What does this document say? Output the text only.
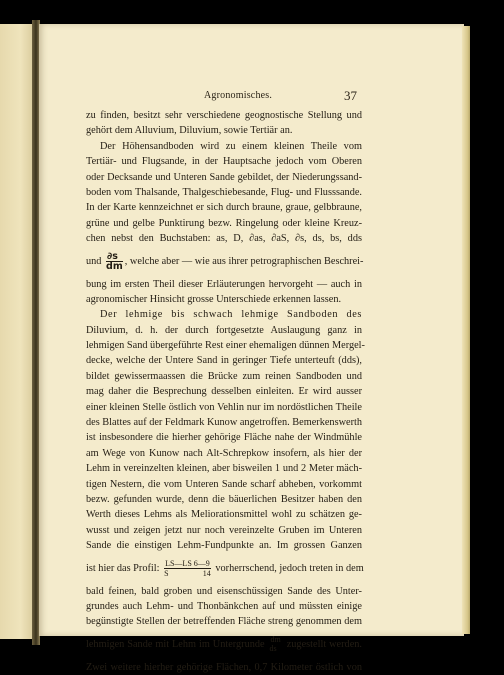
Agronomisches.	37
zu finden, besitzt sehr verschiedene geognostische Stellung und
gehört dem Alluvium, Diluvium, sowie Tertiär an.
Der Höhensandboden wird zu einem kleinen Theile vom
Tertiär- und Flugsande, in der Hauptsache jedoch vom Oberen
oder Decksande und Unteren Sande gebildet, der Niederungssand-
boden vom Thalsande, Thalgeschiebesande, Flug- und Flusssande.
In der Karte kennzeichnet er sich durch braune, graue, gelbbraune,
grüne und gelbe Punktirung bezw. Ringelung oder kleine Kreuz-
chen nebst den Buchstaben: as, D, ∂as, ∂aS, ∂s, ds, bs, dds
und $\frac{\partial s}{dm}$ , welche aber — wie aus ihrer petrographischen Beschrei-
bung im ersten Theil dieser Erläuterungen hervorgeht — auch in
agronomischer Hinsicht grosse Unterschiede erkennen lassen.
Der lehmige bis schwach lehmige Sandboden des
Diluvium, d. h. der durch fortgesetzte Auslaugung ganz in
lehmigen Sand übergeführte Rest einer ehemaligen dünnen Mergel-
decke, welche der Untere Sand in geringer Tiefe unterteuft (dds),
bildet gewissermaassen die Brücke zum reinen Sandboden und
mag daher die Besprechung desselben einleiten. Er wird ausser
einer kleinen Stelle östlich von Vehlin nur im nordöstlichen Theile
des Blattes auf der Feldmark Kunow angetroffen. Bemerkenswerth
ist insbesondere die hierher gehörige Fläche nahe der Windmühle
am Wege von Kunow nach Alt-Schrepkow insofern, als hier der
Lehm in vereinzelten kleinen, aber bisweilen 1 und 2 Meter mäch-
tigen Nestern, die vom Unteren Sande scharf abheben, vorkommt
bezw. gefunden wurde, denn die bäuerlichen Besitzer haben den
Werth dieses Lehms als Meliorationsmittel wohl zu schätzen ge-
wusst und zeigen jetzt nur noch vereinzelte Gruben im Unteren
Sande die einstigen Lehm-Fundpunkte an. Im grossen Ganzen
ist hier das Profil: $\frac{LS—LS 6—9}{S 14}$ vorherrschend, jedoch treten in dem
bald feinen, bald groben und eisenschüssigen Sande des Unter-
grundes auch Lehm- und Thonbänkchen auf und müssten einige
begünstigte Stellen der betreffenden Fläche streng genommen dem
lehmigen Sande mit Lehm im Untergrunde dm
ds zugestellt werden.
Zwei weitere hierher gehörige Flächen, 0,7 Kilometer östlich von
